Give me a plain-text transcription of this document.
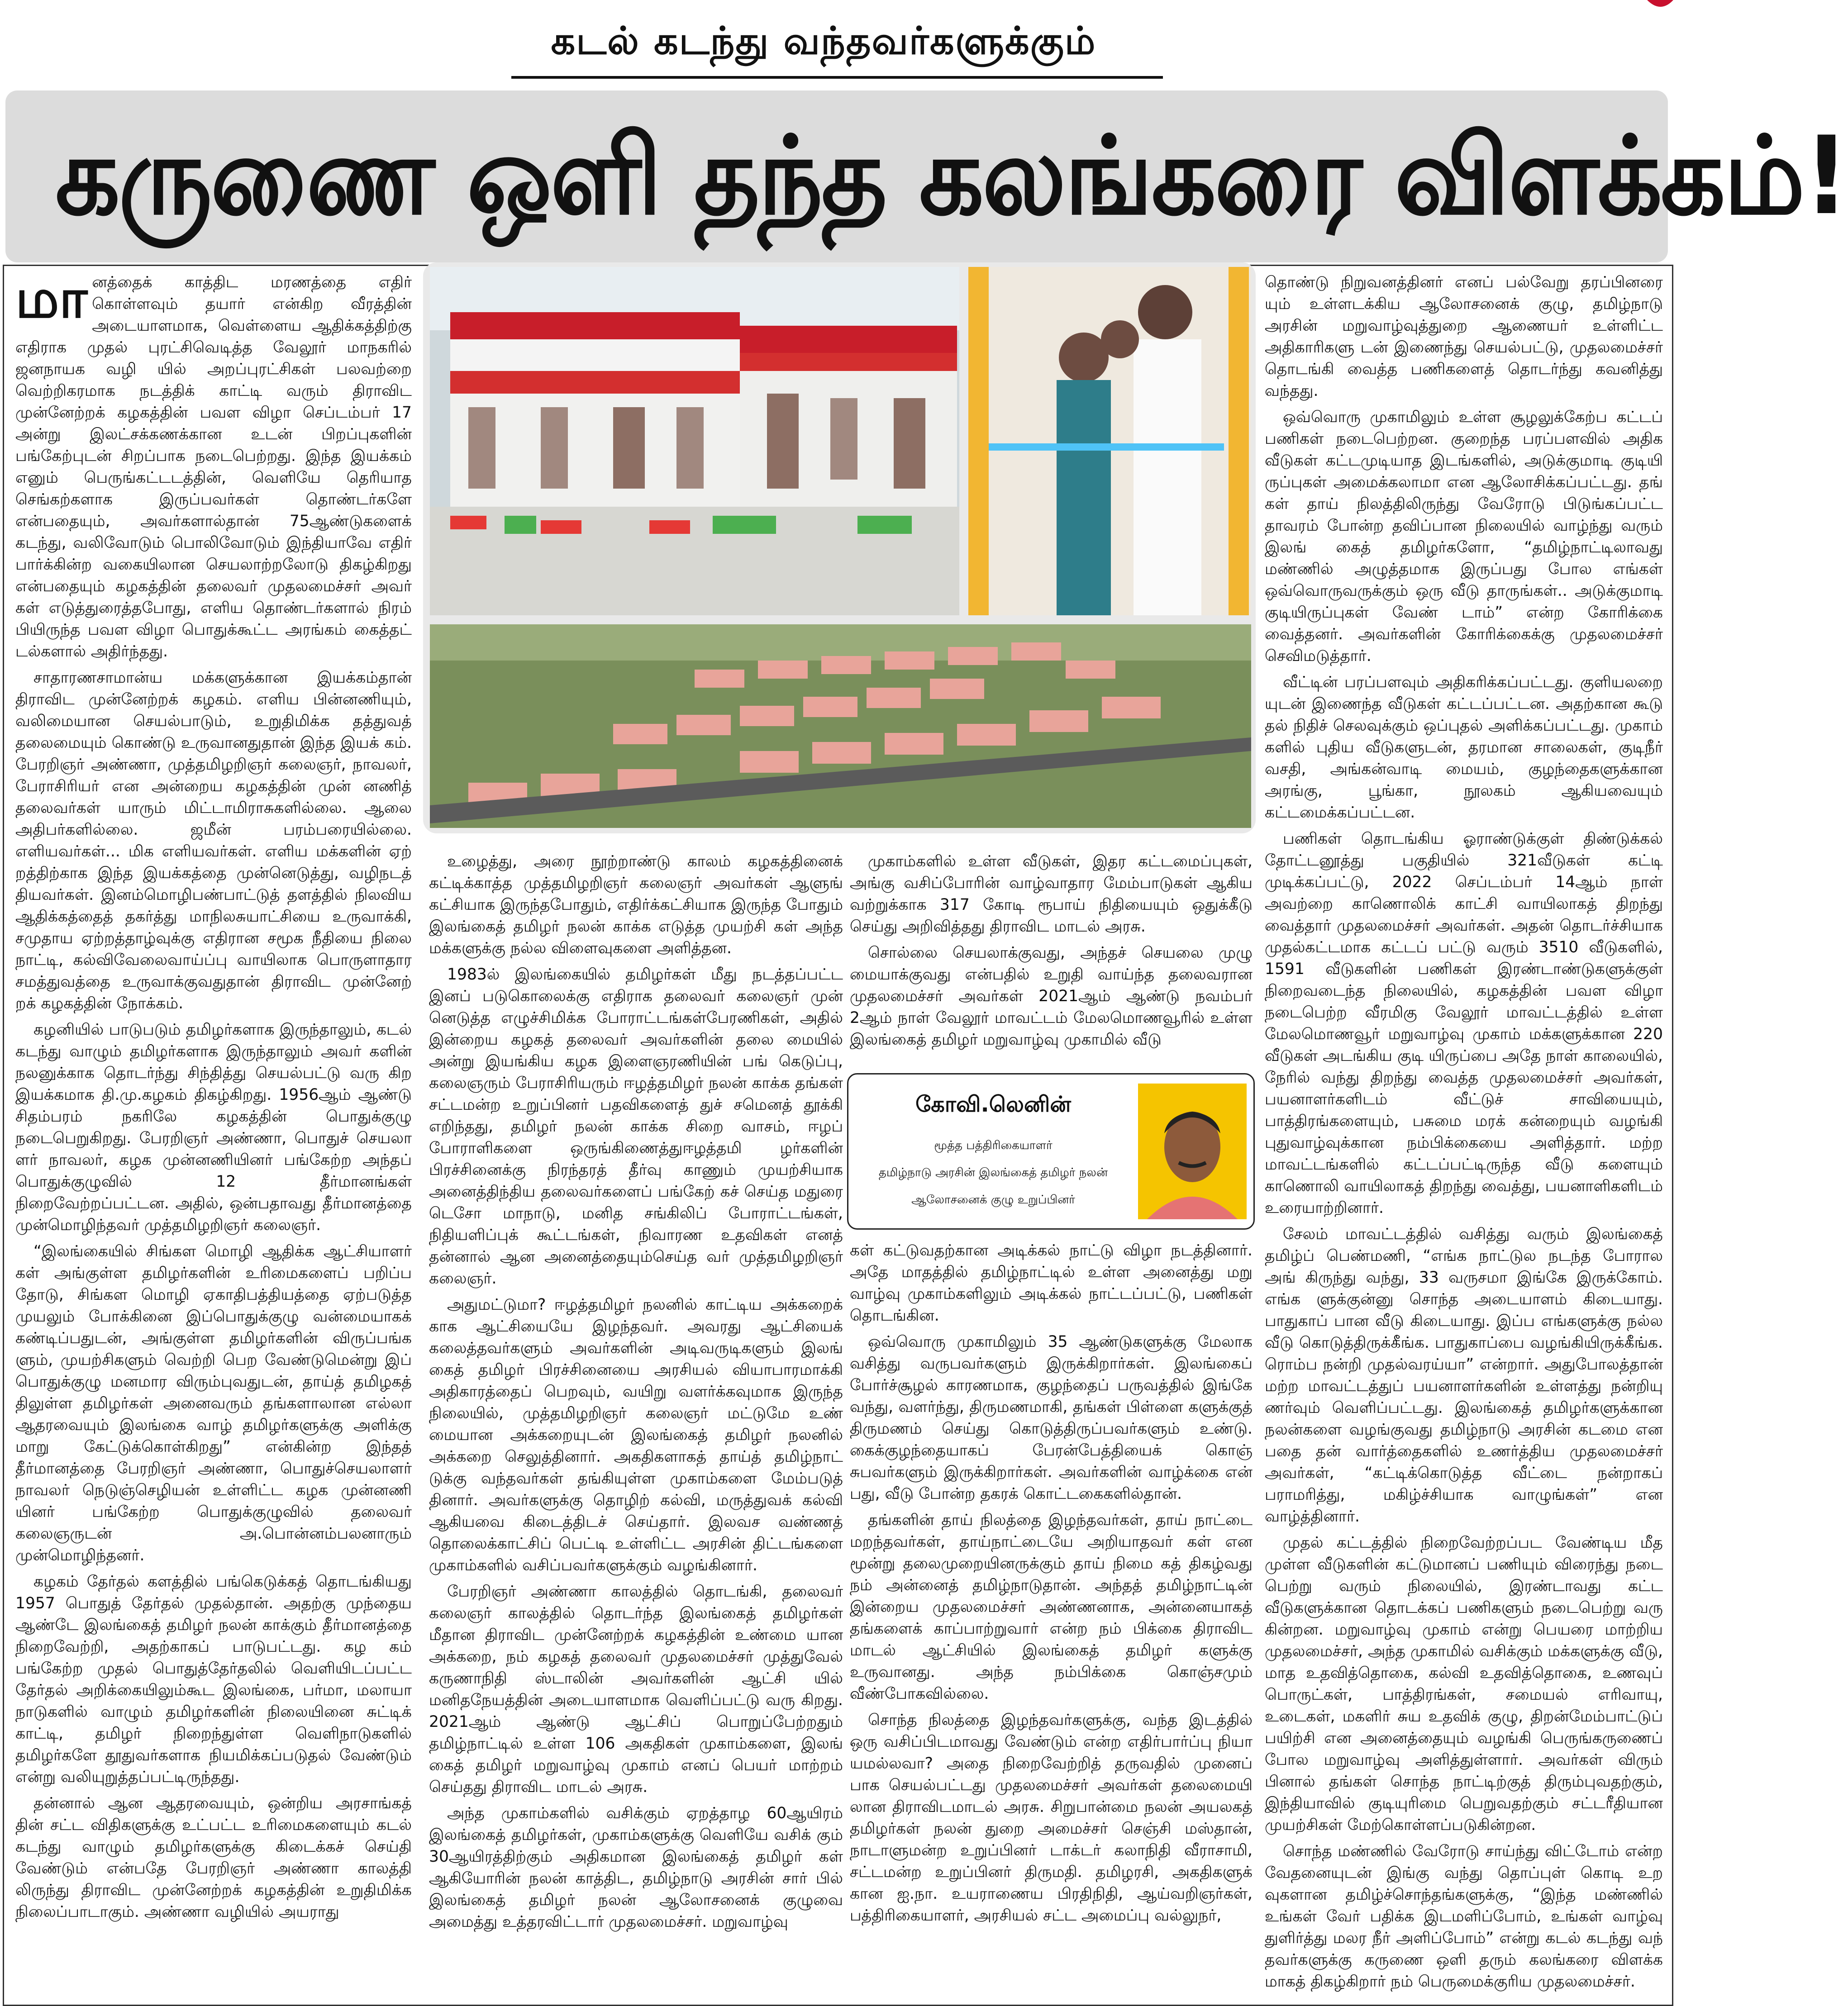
கடல் கடந்து வந்தவர்களுக்கும்
கருணை ஒளி தந்த கலங்கரை விளக்கம்!

மானத்தைக் காத்திட மரணத்தை எதிர் கொள்ளவும் தயார் என்கிற வீரத்தின் அடையாளமாக, வெள்ளைய ஆதிக்கத்திற்கு எதிராக முதல் புரட்சிவெடித்த வேலூர் மாநகரில் ஜனநாயக வழி யில் அறப்புரட்சிகள் பலவற்றை வெற்றிகரமாக நடத்திக் காட்டி வரும் திராவிட முன்னேற்றக் கழகத்தின் பவள விழா செப்டம்பர் 17 அன்று இலட்சக்கணக்கான உடன் பிறப்புகளின் பங்கேற்புடன் சிறப்பாக நடைபெற்றது. இந்த இயக்கம் எனும் பெருங்கட்டடத்தின், வெளியே தெரியாத செங்கற்களாக இருப்பவர்கள் தொண்டர்களே என்பதையும், அவர்களால்தான் 75ஆண்டுகளைக் கடந்து, வலிவோடும் பொலிவோடும் இந்தியாவே எதிர் பார்க்கின்ற வகையிலான செயலாற்றலோடு திகழ்கிறது என்பதையும் கழகத்தின் தலைவர் முதலமைச்சர் அவர் கள் எடுத்துரைத்தபோது, எளிய தொண்டர்களால் நிரம் பியிருந்த பவள விழா பொதுக்கூட்ட அரங்கம் கைத்தட் டல்களால் அதிர்ந்தது.

சாதாரணசாமான்ய மக்களுக்கான இயக்கம்தான் திராவிட முன்னேற்றக் கழகம். எளிய பின்னணியும், வலிமையான செயல்பாடும், உறுதிமிக்க தத்துவத் தலைமையும் கொண்டு உருவானதுதான் இந்த இயக் கம். பேரறிஞர் அண்ணா, முத்தமிழறிஞர் கலைஞர், நாவலர், பேராசிரியர் என அன்றைய கழகத்தின் முன் னணித் தலைவர்கள் யாரும் மிட்டாமிராசுகளில்லை. ஆலை அதிபர்களில்லை. ஜமீன் பரம்பரையில்லை. எளியவர்கள்... மிக எளியவர்கள். எளிய மக்களின் ஏற் றத்திற்காக இந்த இயக்கத்தை முன்னெடுத்து, வழிநடத் தியவர்கள். இனம்மொழிபண்பாட்டுத் தளத்தில் நிலவிய ஆதிக்கத்தைத் தகர்த்து மாநிலசுயாட்சியை உருவாக்கி, சமுதாய ஏற்றத்தாழ்வுக்கு எதிரான சமூக நீதியை நிலை நாட்டி, கல்விவேலைவாய்ப்பு வாயிலாக பொருளாதார சமத்துவத்தை உருவாக்குவதுதான் திராவிட முன்னேற் றக் கழகத்தின் நோக்கம்.

கழனியில் பாடுபடும் தமிழர்களாக இருந்தாலும், கடல் கடந்து வாழும் தமிழர்களாக இருந்தாலும் அவர் களின் நலனுக்காக தொடர்ந்து சிந்தித்து செயல்பட்டு வரு கிற இயக்கமாக தி.மு.கழகம் திகழ்கிறது. 1956ஆம் ஆண்டு சிதம்பரம் நகரிலே கழகத்தின் பொதுக்குழு நடைபெறுகிறது. பேரறிஞர் அண்ணா, பொதுச் செயலா ளர் நாவலர், கழக முன்னணியினர் பங்கேற்ற அந்தப் பொதுக்குழுவில் 12 தீர்மானங்கள் நிறைவேற்றப்பட்டன. அதில், ஒன்பதாவது தீர்மானத்தை முன்மொழிந்தவர் முத்தமிழறிஞர் கலைஞர்.

“இலங்கையில் சிங்கள மொழி ஆதிக்க ஆட்சியாளர் கள் அங்குள்ள தமிழர்களின் உரிமைகளைப் பறிப்ப தோடு, சிங்கள மொழி ஏகாதிபத்தியத்தை ஏற்படுத்த முயலும் போக்கினை இப்பொதுக்குழு வன்மையாகக் கண்டிப்பதுடன், அங்குள்ள தமிழர்களின் விருப்பங்க ளும், முயற்சிகளும் வெற்றி பெற வேண்டுமென்று இப் பொதுக்குழு மனமார விரும்புவதுடன், தாய்த் தமிழகத் திலுள்ள தமிழர்கள் அனைவரும் தங்களாலான எல்லா ஆதரவையும் இலங்கை வாழ் தமிழர்களுக்கு அளிக்கு மாறு கேட்டுக்கொள்கிறது” என்கின்ற இந்தத் தீர்மானத்தை பேரறிஞர் அண்ணா, பொதுச்செயலாளர் நாவலர் நெடுஞ்செழியன் உள்ளிட்ட கழக முன்னணி யினர் பங்கேற்ற பொதுக்குழுவில் தலைவர் கலைஞருடன் அ.பொன்னம்பலனாரும் முன்மொழிந்தனர்.

கழகம் தேர்தல் களத்தில் பங்கெடுக்கத் தொடங்கியது 1957 பொதுத் தேர்தல் முதல்தான். அதற்கு முந்தைய ஆண்டே இலங்கைத் தமிழர் நலன் காக்கும் தீர்மானத்தை நிறைவேற்றி, அதற்காகப் பாடுபட்டது. கழ கம் பங்கேற்ற முதல் பொதுத்தேர்தலில் வெளியிடப்பட்ட தேர்தல் அறிக்கையிலும்கூட இலங்கை, பர்மா, மலாயா நாடுகளில் வாழும் தமிழர்களின் நிலையினை சுட்டிக் காட்டி, தமிழர் நிறைந்துள்ள வெளிநாடுகளில் தமிழர்களே தூதுவர்களாக நியமிக்கப்படுதல் வேண்டும் என்று வலியுறுத்தப்பட்டிருந்தது.

தன்னால் ஆன ஆதரவையும், ஒன்றிய அரசாங்கத் தின் சட்ட விதிகளுக்கு உட்பட்ட உரிமைகளையும் கடல் கடந்து வாழும் தமிழர்களுக்கு கிடைக்கச் செய்தி வேண்டும் என்பதே பேரறிஞர் அண்ணா காலத்தி லிருந்து திராவிட முன்னேற்றக் கழகத்தின் உறுதிமிக்க நிலைப்பாடாகும். அண்ணா வழியில் அயராது

உழைத்து, அரை நூற்றாண்டு காலம் கழகத்தினைக் கட்டிக்காத்த முத்தமிழறிஞர் கலைஞர் அவர்கள் ஆளுங் கட்சியாக இருந்தபோதும், எதிர்க்கட்சியாக இருந்த போதும் இலங்கைத் தமிழர் நலன் காக்க எடுத்த முயற்சி கள் அந்த மக்களுக்கு நல்ல விளைவுகளை அளித்தன.

1983ல் இலங்கையில் தமிழர்கள் மீது நடத்தப்பட்ட இனப் படுகொலைக்கு எதிராக தலைவர் கலைஞர் முன் னெடுத்த எழுச்சிமிக்க போராட்டங்கள்பேரணிகள், அதில் இன்றைய கழகத் தலைவர் அவர்களின் தலை மையில் அன்று இயங்கிய கழக இளைஞரணியின் பங் கெடுப்பு, கலைஞரும் பேராசிரியரும் ஈழத்தமிழர் நலன் காக்க தங்கள் சட்டமன்ற உறுப்பினர் பதவிகளைத் துச் சமெனத் தூக்கி எறிந்தது, தமிழர் நலன் காக்க சிறை வாசம், ஈழப் போராளிகளை ஒருங்கிணைத்துஈழத்தமி ழர்களின் பிரச்சினைக்கு நிரந்தரத் தீர்வு காணும் முயற்சியாக அனைத்திந்திய தலைவர்களைப் பங்கேற் கச் செய்த மதுரை டெசோ மாநாடு, மனித சங்கிலிப் போராட்டங்கள், நிதியளிப்புக் கூட்டங்கள், நிவாரண உதவிகள் எனத் தன்னால் ஆன அனைத்தையும்செய்த வர் முத்தமிழறிஞர் கலைஞர்.

அதுமட்டுமா? ஈழத்தமிழர் நலனில் காட்டிய அக்கறைக் காக ஆட்சியையே இழந்தவர். அவரது ஆட்சியைக் கலைத்தவர்களும் அவர்களின் அடிவருடிகளும் இலங் கைத் தமிழர் பிரச்சினையை அரசியல் வியாபாரமாக்கி அதிகாரத்தைப் பெறவும், வயிறு வளர்க்கவுமாக இருந்த நிலையில், முத்தமிழறிஞர் கலைஞர் மட்டுமே உண் மையான அக்கறையுடன் இலங்கைத் தமிழர் நலனில் அக்கறை செலுத்தினார். அகதிகளாகத் தாய்த் தமிழ்நாட் டுக்கு வந்தவர்கள் தங்கியுள்ள முகாம்களை மேம்படுத் தினார். அவர்களுக்கு தொழிற் கல்வி, மருத்துவக் கல்வி ஆகியவை கிடைத்திடச் செய்தார். இலவச வண்ணத் தொலைக்காட்சிப் பெட்டி உள்ளிட்ட அரசின் திட்டங்களை முகாம்களில் வசிப்பவர்களுக்கும் வழங்கினார்.

பேரறிஞர் அண்ணா காலத்தில் தொடங்கி, தலைவர் கலைஞர் காலத்தில் தொடர்ந்த இலங்கைத் தமிழர்கள் மீதான திராவிட முன்னேற்றக் கழகத்தின் உண்மை யான அக்கறை, நம் கழகத் தலைவர் முதலமைச்சர் முத்துவேல் கருணாநிதி ஸ்டாலின் அவர்களின் ஆட்சி யில் மனிதநேயத்தின் அடையாளமாக வெளிப்பட்டு வரு கிறது. 2021ஆம் ஆண்டு ஆட்சிப் பொறுப்பேற்றதும் தமிழ்நாட்டில் உள்ள 106 அகதிகள் முகாம்களை, இலங் கைத் தமிழர் மறுவாழ்வு முகாம் எனப் பெயர் மாற்றம் செய்தது திராவிட மாடல் அரசு.

அந்த முகாம்களில் வசிக்கும் ஏறத்தாழ 60ஆயிரம் இலங்கைத் தமிழர்கள், முகாம்களுக்கு வெளியே வசிக் கும் 30ஆயிரத்திற்கும் அதிகமான இலங்கைத் தமிழர் கள் ஆகியோரின் நலன் காத்திட, தமிழ்நாடு அரசின் சார் பில் இலங்கைத் தமிழர் நலன் ஆலோசனைக் குழுவை அமைத்து உத்தரவிட்டார் முதலமைச்சர். மறுவாழ்வு

முகாம்களில் உள்ள வீடுகள், இதர கட்டமைப்புகள், அங்கு வசிப்போரின் வாழ்வாதார மேம்பாடுகள் ஆகிய வற்றுக்காக 317 கோடி ரூபாய் நிதியையும் ஒதுக்கீடு செய்து அறிவித்தது திராவிட மாடல் அரசு.

சொல்லை செயலாக்குவது, அந்தச் செயலை முழு மையாக்குவது என்பதில் உறுதி வாய்ந்த தலைவரான முதலமைச்சர் அவர்கள் 2021ஆம் ஆண்டு நவம்பர் 2ஆம் நாள் வேலூர் மாவட்டம் மேலமொணவூரில் உள்ள இலங்கைத் தமிழர் மறுவாழ்வு முகாமில் வீடு

கோவி.லெனின்
மூத்த பத்திரிகையாளர்
தமிழ்நாடு அரசின் இலங்கைத் தமிழர் நலன்
ஆலோசனைக் குழு உறுப்பினர்

கள் கட்டுவதற்கான அடிக்கல் நாட்டு விழா நடத்தினார். அதே மாதத்தில் தமிழ்நாட்டில் உள்ள அனைத்து மறு வாழ்வு முகாம்களிலும் அடிக்கல் நாட்டப்பட்டு, பணிகள் தொடங்கின.

ஒவ்வொரு முகாமிலும் 35 ஆண்டுகளுக்கு மேலாக வசித்து வருபவர்களும் இருக்கிறார்கள். இலங்கைப் போர்ச்சூழல் காரணமாக, குழந்தைப் பருவத்தில் இங்கே வந்து, வளர்ந்து, திருமணமாகி, தங்கள் பிள்ளை களுக்குத் திருமணம் செய்து கொடுத்திருப்பவர்களும் உண்டு. கைக்குழந்தையாகப் பேரன்பேத்தியைக் கொஞ் சுபவர்களும் இருக்கிறார்கள். அவர்களின் வாழ்க்கை என் பது, வீடு போன்ற தகரக் கொட்டகைகளில்தான்.

தங்களின் தாய் நிலத்தை இழந்தவர்கள், தாய் நாட்டை மறந்தவர்கள், தாய்நாட்டையே அறியாதவர் கள் என மூன்று தலைமுறையினருக்கும் தாய் நிமை கத் திகழ்வது நம் அன்னைத் தமிழ்நாடுதான். அந்தத் தமிழ்நாட்டின் இன்றைய முதலமைச்சர் அண்ணனாக, அன்னையாகத் தங்களைக் காப்பாற்றுவார் என்ற நம் பிக்கை திராவிட மாடல் ஆட்சியில் இலங்கைத் தமிழர் களுக்கு உருவானது. அந்த நம்பிக்கை கொஞ்சமும் வீண்போகவில்லை.

சொந்த நிலத்தை இழந்தவர்களுக்கு, வந்த இடத்தில் ஒரு வசிப்பிடமாவது வேண்டும் என்ற எதிர்பார்ப்பு நியா யமல்லவா? அதை நிறைவேற்றித் தருவதில் முனைப் பாக செயல்பட்டது முதலமைச்சர் அவர்கள் தலைமையி லான திராவிடமாடல் அரசு. சிறுபான்மை நலன் அயலகத் தமிழர்கள் நலன் துறை அமைச்சர் செஞ்சி மஸ்தான், நாடாளுமன்ற உறுப்பினர் டாக்டர் கலாநிதி வீராசாமி, சட்டமன்ற உறுப்பினர் திருமதி. தமிழரசி, அகதிகளுக் கான ஐ.நா. உயராணைய பிரதிநிதி, ஆய்வறிஞர்கள், பத்திரிகையாளர், அரசியல் சட்ட அமைப்பு வல்லுநர்,

தொண்டு நிறுவனத்தினர் எனப் பல்வேறு தரப்பினரை யும் உள்ளடக்கிய ஆலோசனைக் குழு, தமிழ்நாடு அரசின் மறுவாழ்வுத்துறை ஆணையர் உள்ளிட்ட அதிகாரிகளு டன் இணைந்து செயல்பட்டு, முதலமைச்சர் தொடங்கி வைத்த பணிகளைத் தொடர்ந்து கவனித்து வந்தது.

ஒவ்வொரு முகாமிலும் உள்ள சூழலுக்கேற்ப கட்டப் பணிகள் நடைபெற்றன. குறைந்த பரப்பளவில் அதிக வீடுகள் கட்டமுடியாத இடங்களில், அடுக்குமாடி குடியி ருப்புகள் அமைக்கலாமா என ஆலோசிக்கப்பட்டது. தங் கள் தாய் நிலத்திலிருந்து வேரோடு பிடுங்கப்பட்ட தாவரம் போன்ற தவிப்பான நிலையில் வாழ்ந்து வரும் இலங் கைத் தமிழர்களோ, “தமிழ்நாட்டிலாவது மண்ணில் அழுத்தமாக இருப்பது போல எங்கள் ஒவ்வொருவருக்கும் ஒரு வீடு தாருங்கள்.. அடுக்குமாடி குடியிருப்புகள் வேண் டாம்” என்ற கோரிக்கை வைத்தனர். அவர்களின் கோரிக்கைக்கு முதலமைச்சர் செவிமடுத்தார்.

வீட்டின் பரப்பளவும் அதிகரிக்கப்பட்டது. குளியலறை யுடன் இணைந்த வீடுகள் கட்டப்பட்டன. அதற்கான கூடு தல் நிதிச் செலவுக்கும் ஒப்புதல் அளிக்கப்பட்டது. முகாம் களில் புதிய வீடுகளுடன், தரமான சாலைகள், குடிநீர் வசதி, அங்கன்வாடி மையம், குழந்தைகளுக்கான அரங்கு, பூங்கா, நூலகம் ஆகியவையும் கட்டமைக்கப்பட்டன.

பணிகள் தொடங்கிய ஓராண்டுக்குள் திண்டுக்கல் தோட்டனூத்து பகுதியில் 321வீடுகள் கட்டி முடிக்கப்பட்டு, 2022 செப்டம்பர் 14ஆம் நாள் அவற்றை காணொலிக் காட்சி வாயிலாகத் திறந்து வைத்தார் முதலமைச்சர் அவர்கள். அதன் தொடர்ச்சியாக முதல்கட்டமாக கட்டப் பட்டு வரும் 3510 வீடுகளில், 1591 வீடுகளின் பணிகள் இரண்டாண்டுகளுக்குள் நிறைவடைந்த நிலையில், கழகத்தின் பவள விழா நடைபெற்ற வீரமிகு வேலூர் மாவட்டத்தில் உள்ள மேலமொணவூர் மறுவாழ்வு முகாம் மக்களுக்கான 220 வீடுகள் அடங்கிய குடி யிருப்பை அதே நாள் காலையில், நேரில் வந்து திறந்து வைத்த முதலமைச்சர் அவர்கள், பயனாளர்களிடம் வீட்டுச் சாவியையும், பாத்திரங்களையும், பசுமை மரக் கன்றையும் வழங்கி புதுவாழ்வுக்கான நம்பிக்கையை அளித்தார். மற்ற மாவட்டங்களில் கட்டப்பட்டிருந்த வீடு களையும் காணொலி வாயிலாகத் திறந்து வைத்து, பயனாளிகளிடம் உரையாற்றினார்.

சேலம் மாவட்டத்தில் வசித்து வரும் இலங்கைத் தமிழ்ப் பெண்மணி, “எங்க நாட்டுல நடந்த போரால அங் கிருந்து வந்து, 33 வருசமா இங்கே இருக்கோம். எங்க ளுக்குன்னு சொந்த அடையாளம் கிடையாது. பாதுகாப் பான வீடு கிடையாது. இப்ப எங்களுக்கு நல்ல வீடு கொடுத்திருக்கீங்க. பாதுகாப்பை வழங்கியிருக்கீங்க. ரொம்ப நன்றி முதல்வரய்யா” என்றார். அதுபோலத்தான் மற்ற மாவட்டத்துப் பயனாளர்களின் உள்ளத்து நன்றியு ணர்வும் வெளிப்பட்டது. இலங்கைத் தமிழர்களுக்கான நலன்களை வழங்குவது தமிழ்நாடு அரசின் கடமை என பதை தன் வார்த்தைகளில் உணர்த்திய முதலமைச்சர் அவர்கள், “கட்டிக்கொடுத்த வீட்டை நன்றாகப் பராமரித்து, மகிழ்ச்சியாக வாழுங்கள்” என வாழ்த்தினார்.

முதல் கட்டத்தில் நிறைவேற்றப்பட வேண்டிய மீத முள்ள வீடுகளின் கட்டுமானப் பணியும் விரைந்து நடை பெற்று வரும் நிலையில், இரண்டாவது கட்ட வீடுகளுக்கான தொடக்கப் பணிகளும் நடைபெற்று வரு கின்றன. மறுவாழ்வு முகாம் என்று பெயரை மாற்றிய முதலமைச்சர், அந்த முகாமில் வசிக்கும் மக்களுக்கு வீடு, மாத உதவித்தொகை, கல்வி உதவித்தொகை, உணவுப் பொருட்கள், பாத்திரங்கள், சமையல் எரிவாயு, உடைகள், மகளிர் சுய உதவிக் குழு, திறன்மேம்பாட்டுப் பயிற்சி என அனைத்தையும் வழங்கி பெருங்கருணைப் போல மறுவாழ்வு அளித்துள்ளார். அவர்கள் விரும் பினால் தங்கள் சொந்த நாட்டிற்குத் திரும்புவதற்கும், இந்தியாவில் குடியுரிமை பெறுவதற்கும் சட்டரீதியான முயற்சிகள் மேற்கொள்ளப்படுகின்றன.

சொந்த மண்ணில் வேரோடு சாய்ந்து விட்டோம் என்ற வேதனையுடன் இங்கு வந்து தொப்புள் கொடி உற வுகளான தமிழ்ச்சொந்தங்களுக்கு, “இந்த மண்ணில் உங்கள் வேர் பதிக்க இடமளிப்போம், உங்கள் வாழ்வு துளிர்த்து மலர நீர் அளிப்போம்” என்று கடல் கடந்து வந் தவர்களுக்கு கருணை ஒளி தரும் கலங்கரை விளக்க மாகத் திகழ்கிறார் நம் பெருமைக்குரிய முதலமைச்சர்.
